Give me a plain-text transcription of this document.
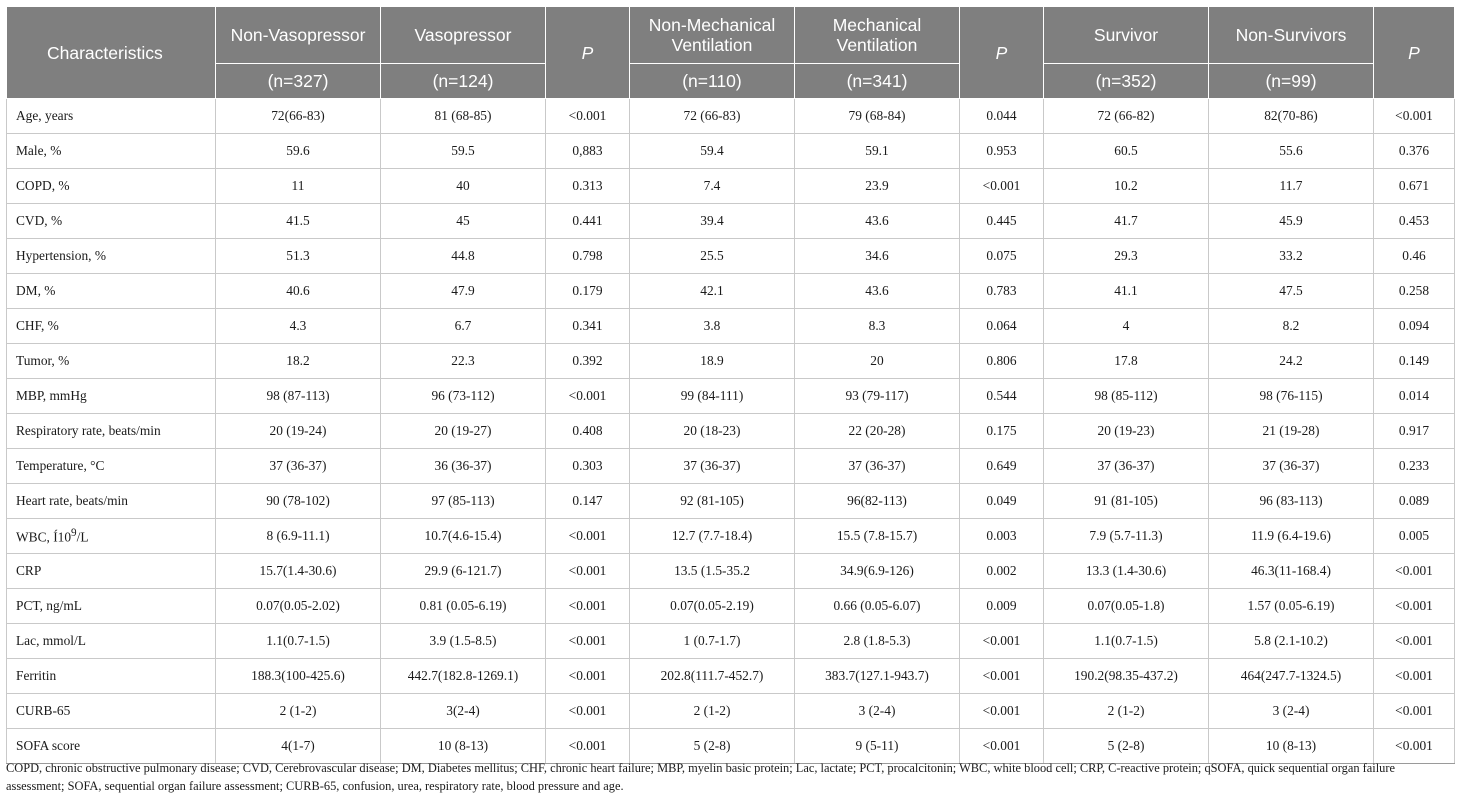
Characteristics	Non-Vasopressor	Vasopressor	P	Non-Mechanical Ventilation	Mechanical Ventilation	P	Survivor	Non-Survivors	P
	(n=327)	(n=124)		(n=110)	(n=341)		(n=352)	(n=99)	
Age, years	72(66-83)	81 (68-85)	<0.001	72 (66-83)	79 (68-84)	0.044	72 (66-82)	82(70-86)	<0.001
Male, %	59.6	59.5	0,883	59.4	59.1	0.953	60.5	55.6	0.376
COPD, %	11	40	0.313	7.4	23.9	<0.001	10.2	11.7	0.671
CVD, %	41.5	45	0.441	39.4	43.6	0.445	41.7	45.9	0.453
Hypertension, %	51.3	44.8	0.798	25.5	34.6	0.075	29.3	33.2	0.46
DM, %	40.6	47.9	0.179	42.1	43.6	0.783	41.1	47.5	0.258
CHF, %	4.3	6.7	0.341	3.8	8.3	0.064	4	8.2	0.094
Tumor, %	18.2	22.3	0.392	18.9	20	0.806	17.8	24.2	0.149
MBP, mmHg	98 (87-113)	96 (73-112)	<0.001	99 (84-111)	93 (79-117)	0.544	98 (85-112)	98 (76-115)	0.014
Respiratory rate, beats/min	20 (19-24)	20 (19-27)	0.408	20 (18-23)	22 (20-28)	0.175	20 (19-23)	21 (19-28)	0.917
Temperature, °C	37 (36-37)	36 (36-37)	0.303	37 (36-37)	37 (36-37)	0.649	37 (36-37)	37 (36-37)	0.233
Heart rate, beats/min	90 (78-102)	97 (85-113)	0.147	92 (81-105)	96(82-113)	0.049	91 (81-105)	96 (83-113)	0.089
WBC, $Í10^9/L$	8 (6.9-11.1)	10.7(4.6-15.4)	<0.001	12.7 (7.7-18.4)	15.5 (7.8-15.7)	0.003	7.9 (5.7-11.3)	11.9 (6.4-19.6)	0.005
CRP	15.7(1.4-30.6)	29.9 (6-121.7)	<0.001	13.5 (1.5-35.2	34.9(6.9-126)	0.002	13.3 (1.4-30.6)	46.3(11-168.4)	<0.001
PCT, ng/mL	0.07(0.05-2.02)	0.81 (0.05-6.19)	<0.001	0.07(0.05-2.19)	0.66 (0.05-6.07)	0.009	0.07(0.05-1.8)	1.57 (0.05-6.19)	<0.001
Lac, mmol/L	1.1(0.7-1.5)	3.9 (1.5-8.5)	<0.001	1 (0.7-1.7)	2.8 (1.8-5.3)	<0.001	1.1(0.7-1.5)	5.8 (2.1-10.2)	<0.001
Ferritin	188.3(100-425.6)	442.7(182.8-1269.1)	<0.001	202.8(111.7-452.7)	383.7(127.1-943.7)	<0.001	190.2(98.35-437.2)	464(247.7-1324.5)	<0.001
CURB-65	2 (1-2)	3(2-4)	<0.001	2 (1-2)	3 (2-4)	<0.001	2 (1-2)	3 (2-4)	<0.001
SOFA score	4(1-7)	10 (8-13)	<0.001	5 (2-8)	9 (5-11)	<0.001	5 (2-8)	10 (8-13)	<0.001

COPD, chronic obstructive pulmonary disease; CVD, Cerebrovascular disease; DM, Diabetes mellitus; CHF, chronic heart failure; MBP, myelin basic protein; Lac, lactate; PCT, procalcitonin; WBC, white blood cell; CRP, C-reactive protein; qSOFA, quick sequential organ failure assessment; SOFA, sequential organ failure assessment; CURB-65, confusion, urea, respiratory rate, blood pressure and age.
